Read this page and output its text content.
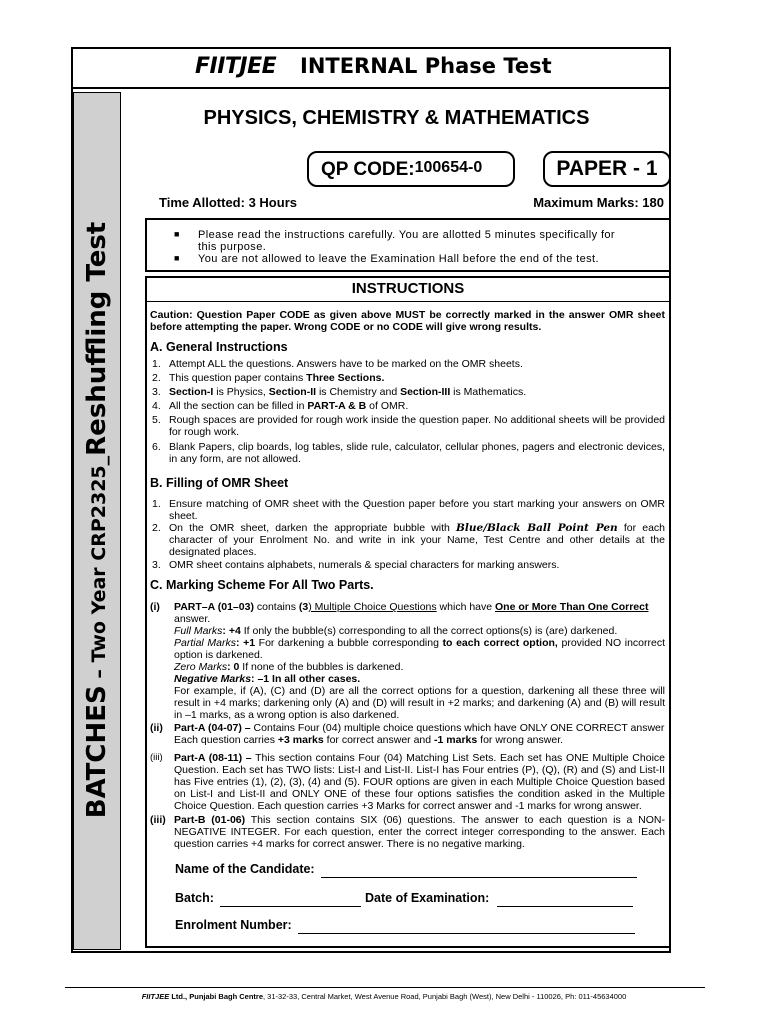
FIITJEE INTERNAL Phase Test
BATCHES – Two Year CRP2325_Reshuffling Test
PHYSICS, CHEMISTRY & MATHEMATICS
QP CODE: 100654-0	PAPER - 1
Time Allotted: 3 Hours	Maximum Marks: 180
■ Please read the instructions carefully. You are allotted 5 minutes specifically for
this purpose.
■ You are not allowed to leave the Examination Hall before the end of the test.
INSTRUCTIONS
Caution: Question Paper CODE as given above MUST be correctly marked in the answer OMR sheet before attempting the paper. Wrong CODE or no CODE will give wrong results.
A. General Instructions
1. Attempt ALL the questions. Answers have to be marked on the OMR sheets.
2. This question paper contains Three Sections.
3. Section-I is Physics, Section-II is Chemistry and Section-III is Mathematics.
4. All the section can be filled in PART-A & B of OMR.
5. Rough spaces are provided for rough work inside the question paper. No additional sheets will be provided for rough work.
6. Blank Papers, clip boards, log tables, slide rule, calculator, cellular phones, pagers and electronic devices, in any form, are not allowed.
B. Filling of OMR Sheet
1. Ensure matching of OMR sheet with the Question paper before you start marking your answers on OMR sheet.
2. On the OMR sheet, darken the appropriate bubble with Blue/Black Ball Point Pen for each character of your Enrolment No. and write in ink your Name, Test Centre and other details at the designated places.
3. OMR sheet contains alphabets, numerals & special characters for marking answers.
C. Marking Scheme For All Two Parts.
(i) PART–A (01–03) contains (3) Multiple Choice Questions which have One or More Than One Correct
answer.
Full Marks: +4 If only the bubble(s) corresponding to all the correct options(s) is (are) darkened.
Partial Marks: +1 For darkening a bubble corresponding to each correct option, provided NO incorrect option is darkened.
Zero Marks: 0 If none of the bubbles is darkened.
Negative Marks: –1 In all other cases.
For example, if (A), (C) and (D) are all the correct options for a question, darkening all these three will result in +4 marks; darkening only (A) and (D) will result in +2 marks; and darkening (A) and (B) will result in –1 marks, as a wrong option is also darkened.
(ii) Part-A (04-07) – Contains Four (04) multiple choice questions which have ONLY ONE CORRECT answer
Each question carries +3 marks for correct answer and -1 marks for wrong answer.
(iii) Part-A (08-11) – This section contains Four (04) Matching List Sets. Each set has ONE Multiple Choice Question. Each set has TWO lists: List-I and List-II. List-I has Four entries (P), (Q), (R) and (S) and List-II has Five entries (1), (2), (3), (4) and (5). FOUR options are given in each Multiple Choice Question based on List-I and List-II and ONLY ONE of these four options satisfies the condition asked in the Multiple Choice Question. Each question carries +3 Marks for correct answer and -1 marks for wrong answer.
(iii) Part-B (01-06) This section contains SIX (06) questions. The answer to each question is a NON-NEGATIVE INTEGER. For each question, enter the correct integer corresponding to the answer. Each question carries +4 marks for correct answer. There is no negative marking.
Name of the Candidate:
Batch:	Date of Examination:
Enrolment Number:
FIITJEE Ltd., Punjabi Bagh Centre, 31-32-33, Central Market, West Avenue Road, Punjabi Bagh (West), New Delhi - 110026, Ph: 011-45634000
